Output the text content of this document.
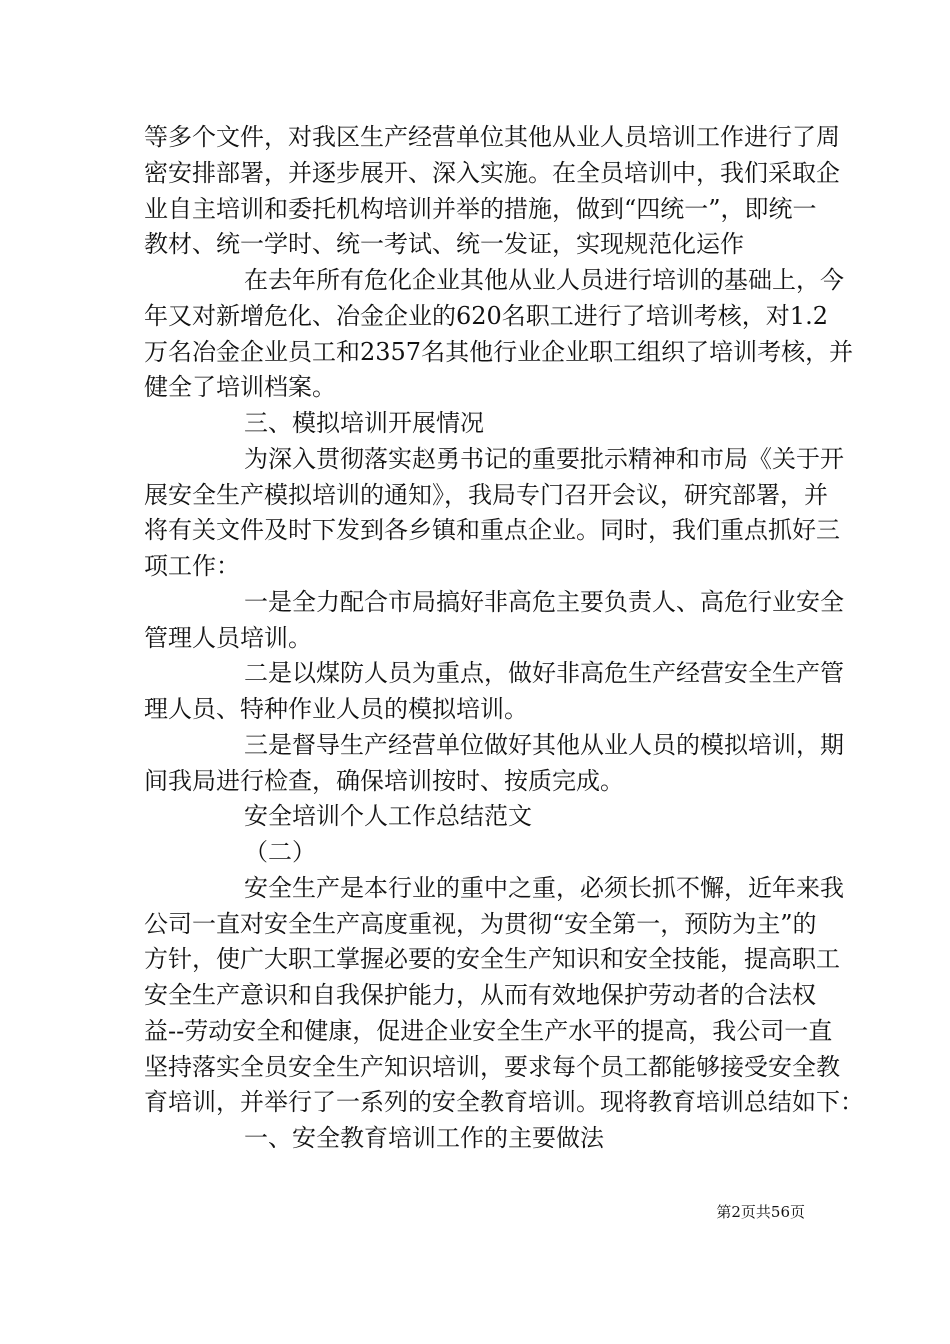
等多个文件，对我区生产经营单位其他从业人员培训工作进行了周
密安排部署，并逐步展开、深入实施。在全员培训中，我们采取企
业自主培训和委托机构培训并举的措施，做到“四统一”，即统一
教材、统一学时、统一考试、统一发证，实现规范化运作
在去年所有危化企业其他从业人员进行培训的基础上，今
年又对新增危化、冶金企业的620名职工进行了培训考核，对1.2
万名冶金企业员工和2357名其他行业企业职工组织了培训考核，并
健全了培训档案。
三、模拟培训开展情况
为深入贯彻落实赵勇书记的重要批示精神和市局《关于开
展安全生产模拟培训的通知》，我局专门召开会议，研究部署，并
将有关文件及时下发到各乡镇和重点企业。同时，我们重点抓好三
项工作：
一是全力配合市局搞好非高危主要负责人、高危行业安全
管理人员培训。
二是以煤防人员为重点，做好非高危生产经营安全生产管
理人员、特种作业人员的模拟培训。
三是督导生产经营单位做好其他从业人员的模拟培训，期
间我局进行检查，确保培训按时、按质完成。
安全培训个人工作总结范文
（二）
安全生产是本行业的重中之重，必须长抓不懈，近年来我
公司一直对安全生产高度重视，为贯彻“安全第一，预防为主”的
方针，使广大职工掌握必要的安全生产知识和安全技能，提高职工
安全生产意识和自我保护能力，从而有效地保护劳动者的合法权
益--劳动安全和健康，促进企业安全生产水平的提高，我公司一直
坚持落实全员安全生产知识培训，要求每个员工都能够接受安全教
第2页共56页
育培训，并举行了一系列的安全教育培训。现将教育培训总结如下：
一、安全教育培训工作的主要做法
